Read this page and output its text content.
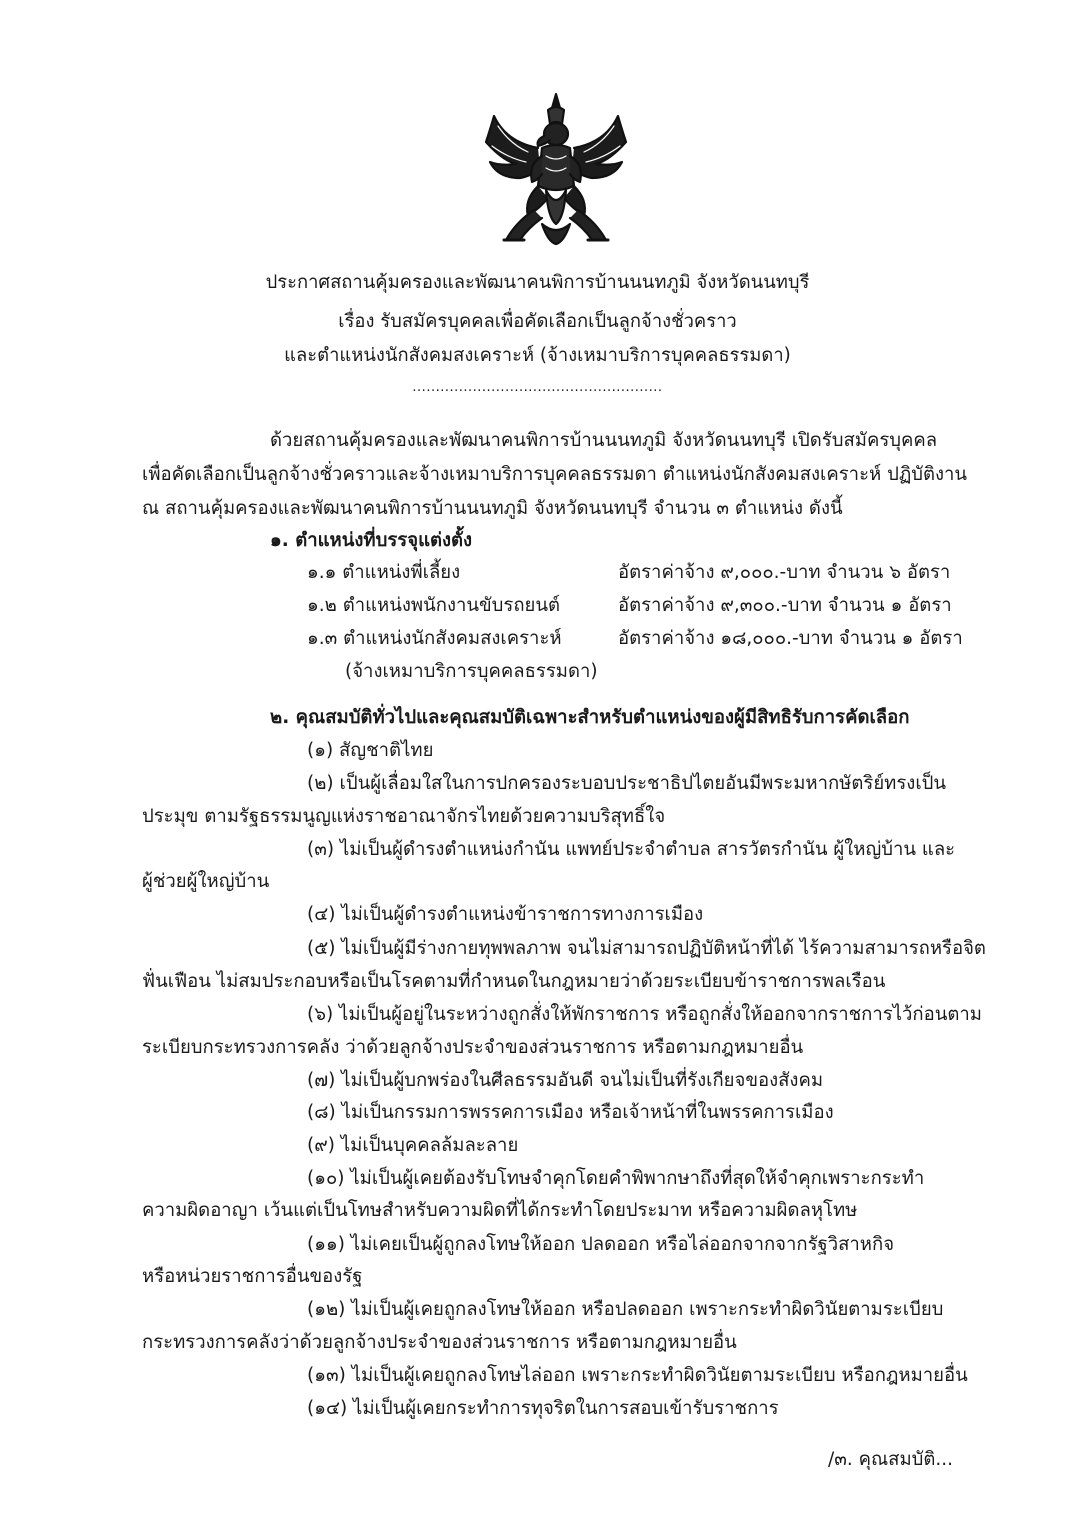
ประกาศสถานคุ้มครองและพัฒนาคนพิการบ้านนนทภูมิ จังหวัดนนทบุรี
เรื่อง รับสมัครบุคคลเพื่อคัดเลือกเป็นลูกจ้างชั่วคราว
และตำแหน่งนักสังคมสงเคราะห์ (จ้างเหมาบริการบุคคลธรรมดา)
......................................................
ด้วยสถานคุ้มครองและพัฒนาคนพิการบ้านนนทภูมิ จังหวัดนนทบุรี เปิดรับสมัครบุคคล
เพื่อคัดเลือกเป็นลูกจ้างชั่วคราวและจ้างเหมาบริการบุคคลธรรมดา ตำแหน่งนักสังคมสงเคราะห์ ปฏิบัติงาน
ณ สถานคุ้มครองและพัฒนาคนพิการบ้านนนทภูมิ จังหวัดนนทบุรี จำนวน ๓ ตำแหน่ง ดังนี้
๑. ตำแหน่งที่บรรจุแต่งตั้ง
๑.๑ ตำแหน่งพี่เลี้ยง	อัตราค่าจ้าง ๙,๐๐๐.-บาท จำนวน ๖ อัตรา
๑.๒ ตำแหน่งพนักงานขับรถยนต์	อัตราค่าจ้าง ๙,๓๐๐.-บาท จำนวน ๑ อัตรา
๑.๓ ตำแหน่งนักสังคมสงเคราะห์	อัตราค่าจ้าง ๑๘,๐๐๐.-บาท จำนวน ๑ อัตรา
(จ้างเหมาบริการบุคคลธรรมดา)
๒. คุณสมบัติทั่วไปและคุณสมบัติเฉพาะสำหรับตำแหน่งของผู้มีสิทธิรับการคัดเลือก
(๑) สัญชาติไทย
(๒) เป็นผู้เลื่อมใสในการปกครองระบอบประชาธิปไตยอันมีพระมหากษัตริย์ทรงเป็น
ประมุข ตามรัฐธรรมนูญแห่งราชอาณาจักรไทยด้วยความบริสุทธิ์ใจ
(๓) ไม่เป็นผู้ดำรงตำแหน่งกำนัน แพทย์ประจำตำบล สารวัตรกำนัน ผู้ใหญ่บ้าน และ
ผู้ช่วยผู้ใหญ่บ้าน
(๔) ไม่เป็นผู้ดำรงตำแหน่งข้าราชการทางการเมือง
(๕) ไม่เป็นผู้มีร่างกายทุพพลภาพ จนไม่สามารถปฏิบัติหน้าที่ได้ ไร้ความสามารถหรือจิต
ฟั่นเฟือน ไม่สมประกอบหรือเป็นโรคตามที่กำหนดในกฎหมายว่าด้วยระเบียบข้าราชการพลเรือน
(๖) ไม่เป็นผู้อยู่ในระหว่างถูกสั่งให้พักราชการ หรือถูกสั่งให้ออกจากราชการไว้ก่อนตาม
ระเบียบกระทรวงการคลัง ว่าด้วยลูกจ้างประจำของส่วนราชการ หรือตามกฎหมายอื่น
(๗) ไม่เป็นผู้บกพร่องในศีลธรรมอันดี จนไม่เป็นที่รังเกียจของสังคม
(๘) ไม่เป็นกรรมการพรรคการเมือง หรือเจ้าหน้าที่ในพรรคการเมือง
(๙) ไม่เป็นบุคคลล้มละลาย
(๑๐) ไม่เป็นผู้เคยต้องรับโทษจำคุกโดยคำพิพากษาถึงที่สุดให้จำคุกเพราะกระทำ
ความผิดอาญา เว้นแต่เป็นโทษสำหรับความผิดที่ได้กระทำโดยประมาท หรือความผิดลหุโทษ
(๑๑) ไม่เคยเป็นผู้ถูกลงโทษให้ออก ปลดออก หรือไล่ออกจากจากรัฐวิสาหกิจ
หรือหน่วยราชการอื่นของรัฐ
(๑๒) ไม่เป็นผู้เคยถูกลงโทษให้ออก หรือปลดออก เพราะกระทำผิดวินัยตามระเบียบ
กระทรวงการคลังว่าด้วยลูกจ้างประจำของส่วนราชการ หรือตามกฎหมายอื่น
(๑๓) ไม่เป็นผู้เคยถูกลงโทษไล่ออก เพราะกระทำผิดวินัยตามระเบียบ หรือกฎหมายอื่น
(๑๔) ไม่เป็นผู้เคยกระทำการทุจริตในการสอบเข้ารับราชการ
/๓. คุณสมบัติ...
